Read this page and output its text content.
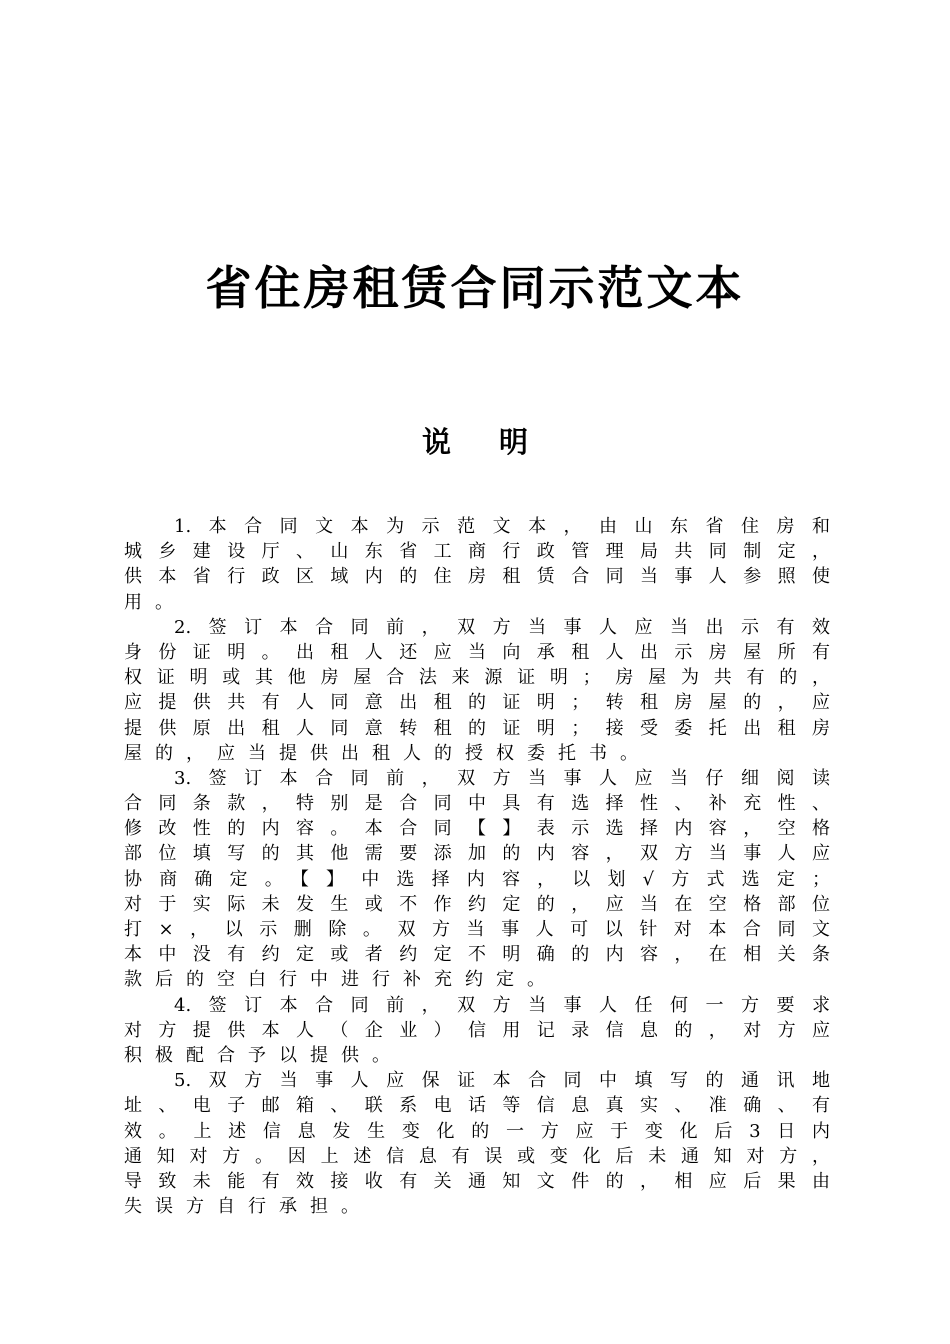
省住房租赁合同示范文本
说明
1.本合同文本为示范文本，由山东省住房和
城乡建设厅、山东省工商行政管理局共同制定，
供本省行政区域内的住房租赁合同当事人参照使
用。
2.签订本合同前，双方当事人应当出示有效
身份证明。出租人还应当向承租人出示房屋所有
权证明或其他房屋合法来源证明；房屋为共有的，
应提供共有人同意出租的证明；转租房屋的，应
提供原出租人同意转租的证明；接受委托出租房
屋的，应当提供出租人的授权委托书。
3.签订本合同前，双方当事人应当仔细阅读
合同条款，特别是合同中具有选择性、补充性、
修改性的内容。本合同【】表示选择内容，空格
部位填写的其他需要添加的内容，双方当事人应
协商确定。【】中选择内容，以划√方式选定；
对于实际未发生或不作约定的，应当在空格部位
打×，以示删除。双方当事人可以针对本合同文
本中没有约定或者约定不明确的内容，在相关条
款后的空白行中进行补充约定。
4.签订本合同前，双方当事人任何一方要求
对方提供本人（企业）信用记录信息的，对方应
积极配合予以提供。
5.双方当事人应保证本合同中填写的通讯地
址、电子邮箱、联系电话等信息真实、准确、有
效。上述信息发生变化的一方应于变化后3日内
通知对方。因上述信息有误或变化后未通知对方，
导致未能有效接收有关通知文件的，相应后果由
失误方自行承担。
